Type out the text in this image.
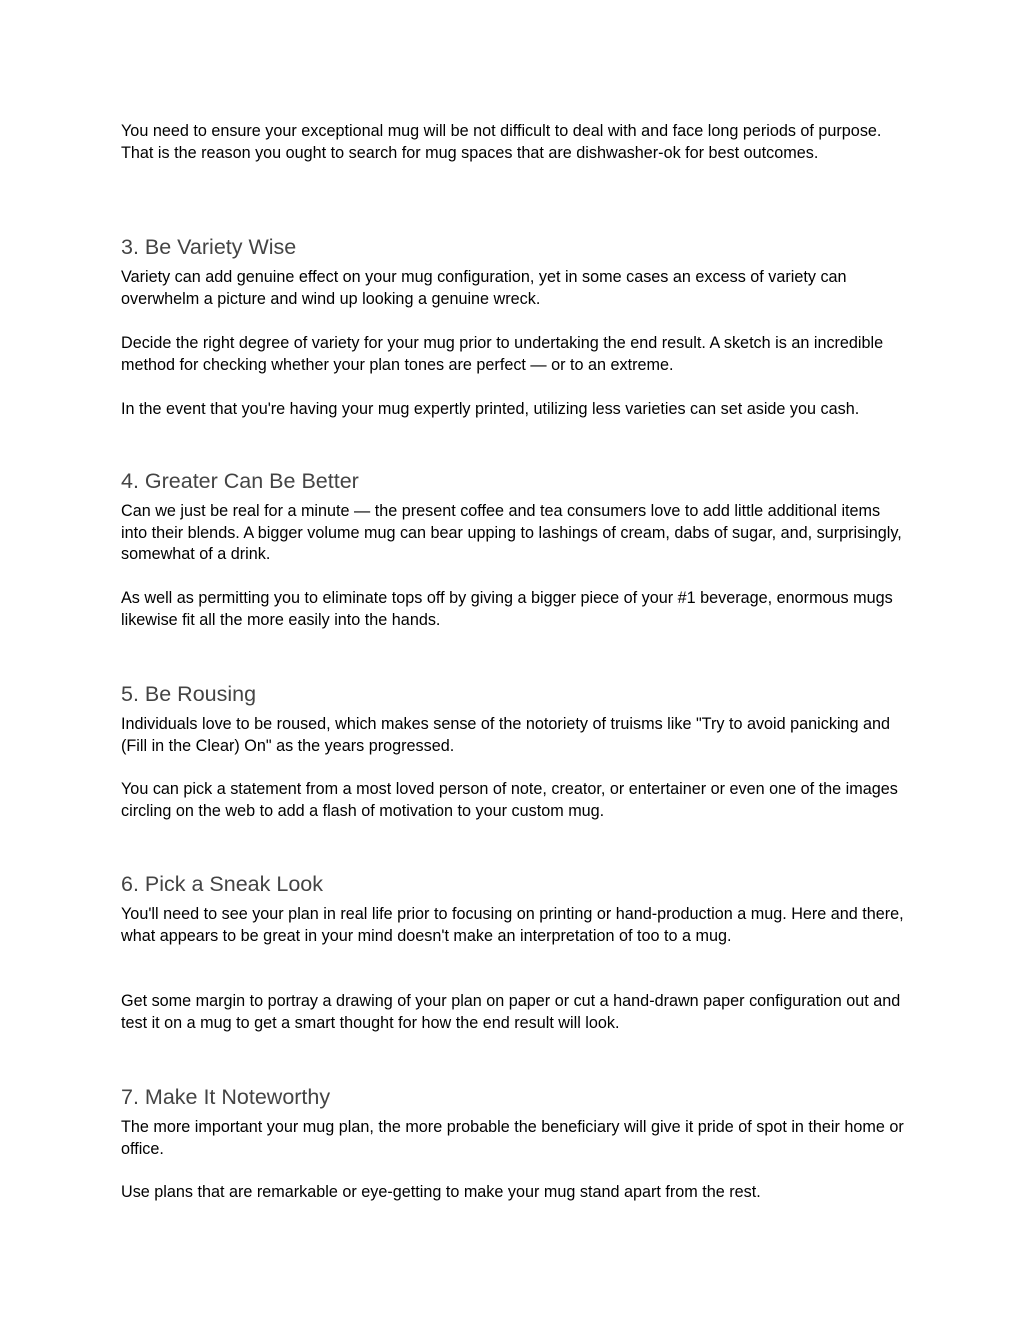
You need to ensure your exceptional mug will be not difficult to deal with and face long periods of purpose. That is the reason you ought to search for mug spaces that are dishwasher-ok for best outcomes.

3. Be Variety Wise

Variety can add genuine effect on your mug configuration, yet in some cases an excess of variety can overwhelm a picture and wind up looking a genuine wreck.

Decide the right degree of variety for your mug prior to undertaking the end result. A sketch is an incredible method for checking whether your plan tones are perfect — or to an extreme.

In the event that you're having your mug expertly printed, utilizing less varieties can set aside you cash.

4. Greater Can Be Better

Can we just be real for a minute — the present coffee and tea consumers love to add little additional items into their blends. A bigger volume mug can bear upping to lashings of cream, dabs of sugar, and, surprisingly, somewhat of a drink.

As well as permitting you to eliminate tops off by giving a bigger piece of your #1 beverage, enormous mugs likewise fit all the more easily into the hands.

5. Be Rousing

Individuals love to be roused, which makes sense of the notoriety of truisms like "Try to avoid panicking and (Fill in the Clear) On" as the years progressed.

You can pick a statement from a most loved person of note, creator, or entertainer or even one of the images circling on the web to add a flash of motivation to your custom mug.

6. Pick a Sneak Look

You'll need to see your plan in real life prior to focusing on printing or hand-production a mug. Here and there, what appears to be great in your mind doesn't make an interpretation of too to a mug.

Get some margin to portray a drawing of your plan on paper or cut a hand-drawn paper configuration out and test it on a mug to get a smart thought for how the end result will look.

7. Make It Noteworthy

The more important your mug plan, the more probable the beneficiary will give it pride of spot in their home or office.

Use plans that are remarkable or eye-getting to make your mug stand apart from the rest.
